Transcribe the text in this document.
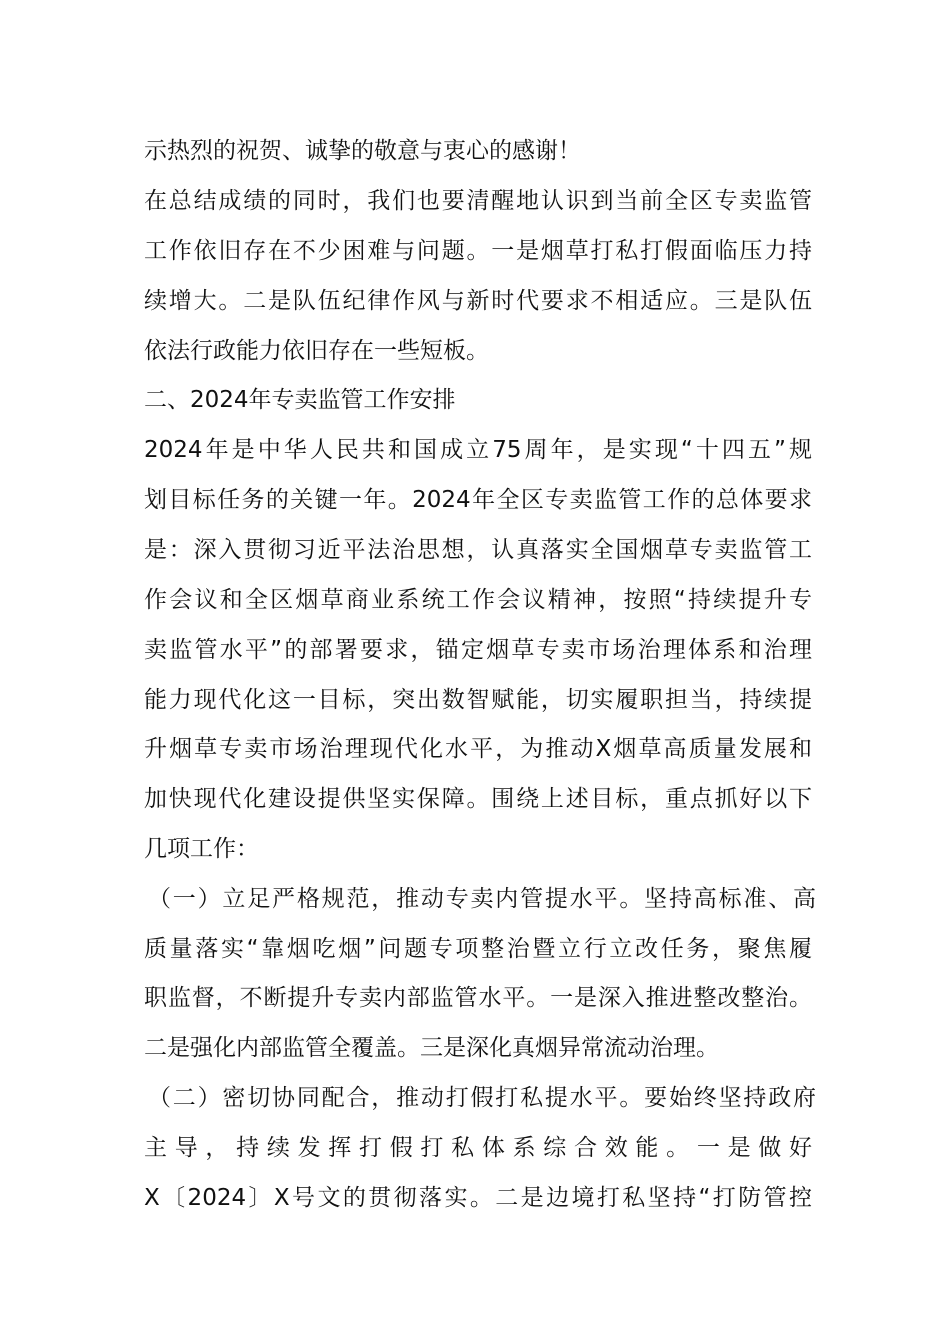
示热烈的祝贺、诚挚的敬意与衷心的感谢！
在总结成绩的同时，我们也要清醒地认识到当前全区专卖监管
工作依旧存在不少困难与问题。一是烟草打私打假面临压力持
续增大。二是队伍纪律作风与新时代要求不相适应。三是队伍
依法行政能力依旧存在一些短板。
二、2024年专卖监管工作安排
2024年是中华人民共和国成立75周年，是实现“十四五”规
划目标任务的关键一年。2024年全区专卖监管工作的总体要求
是：深入贯彻习近平法治思想，认真落实全国烟草专卖监管工
作会议和全区烟草商业系统工作会议精神，按照“持续提升专
卖监管水平”的部署要求，锚定烟草专卖市场治理体系和治理
能力现代化这一目标，突出数智赋能，切实履职担当，持续提
升烟草专卖市场治理现代化水平，为推动X烟草高质量发展和
加快现代化建设提供坚实保障。围绕上述目标，重点抓好以下
几项工作：
（一）立足严格规范，推动专卖内管提水平。坚持高标准、高
质量落实“靠烟吃烟”问题专项整治暨立行立改任务，聚焦履
职监督，不断提升专卖内部监管水平。一是深入推进整改整治。
二是强化内部监管全覆盖。三是深化真烟异常流动治理。
（二）密切协同配合，推动打假打私提水平。要始终坚持政府
主导，持续发挥打假打私体系综合效能。一是做好
X〔2024〕X号文的贯彻落实。二是边境打私坚持“打防管控
